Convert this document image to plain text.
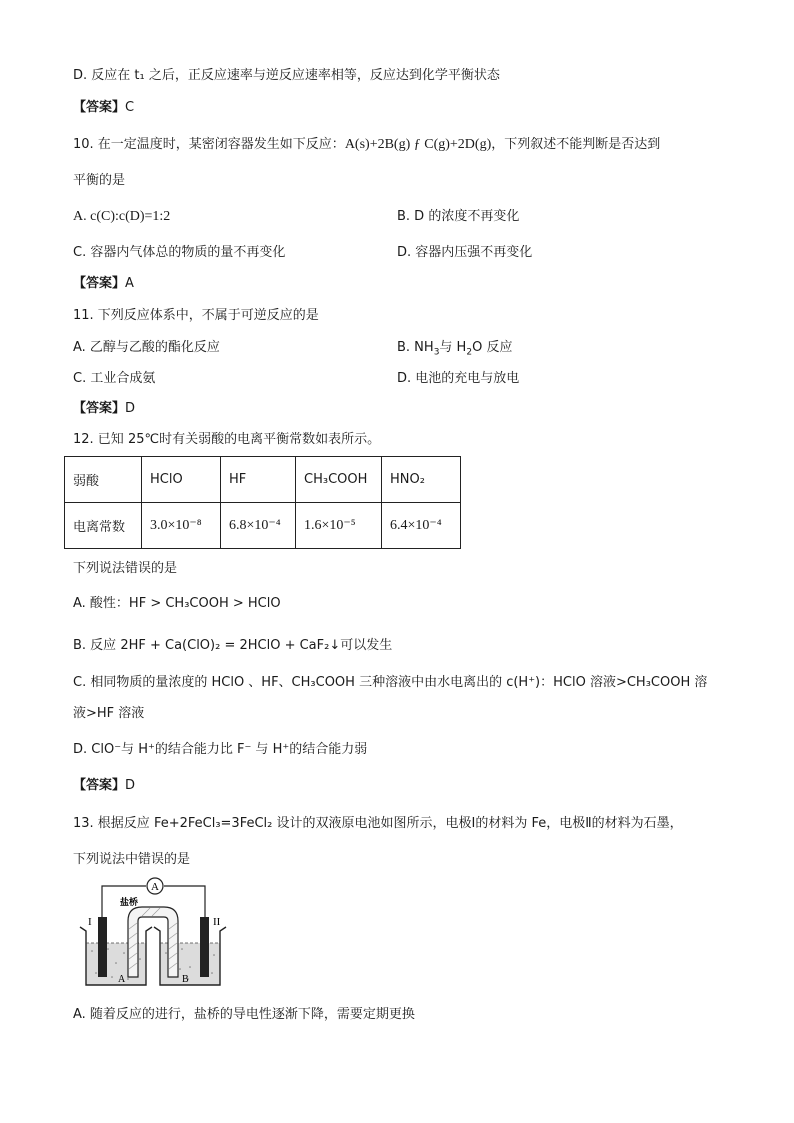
D. 反应在 t₁ 之后，正反应速率与逆反应速率相等，反应达到化学平衡状态
【答案】C
10. 在一定温度时，某密闭容器发生如下反应：A(s)+2B(g) ƒ C(g)+2D(g)，下列叙述不能判断是否达到
平衡的是
A. c(C):c(D)=1:2	B. D 的浓度不再变化
C. 容器内气体总的物质的量不再变化	D. 容器内压强不再变化
【答案】A
11. 下列反应体系中，不属于可逆反应的是
A. 乙醇与乙酸的酯化反应	B. $NH_3$与 $H_2O$ 反应
C. 工业合成氨	D. 电池的充电与放电
【答案】D
12. 已知 25℃时有关弱酸的电离平衡常数如表所示。
弱酸	HClO	HF	CH₃COOH	HNO₂
电离常数	3.0×10⁻⁸	6.8×10⁻⁴	1.6×10⁻⁵	6.4×10⁻⁴
下列说法错误的是
A. 酸性：HF > CH₃COOH > HClO
B. 反应 2HF + Ca(ClO)₂ = 2HClO + CaF₂↓可以发生
C. 相同物质的量浓度的 HClO 、HF、CH₃COOH 三种溶液中由水电离出的 c(H⁺)：HClO 溶液>CH₃COOH 溶
液>HF 溶液
D. ClO⁻与 H⁺的结合能力比 F⁻ 与 H⁺的结合能力弱
【答案】D
13. 根据反应 Fe+2FeCl₃=3FeCl₂ 设计的双液原电池如图所示，电极Ⅰ的材料为 Fe，电极Ⅱ的材料为石墨，
下列说法中错误的是
A
盐桥
I	II
A	B
A. 随着反应的进行，盐桥的导电性逐渐下降，需要定期更换
